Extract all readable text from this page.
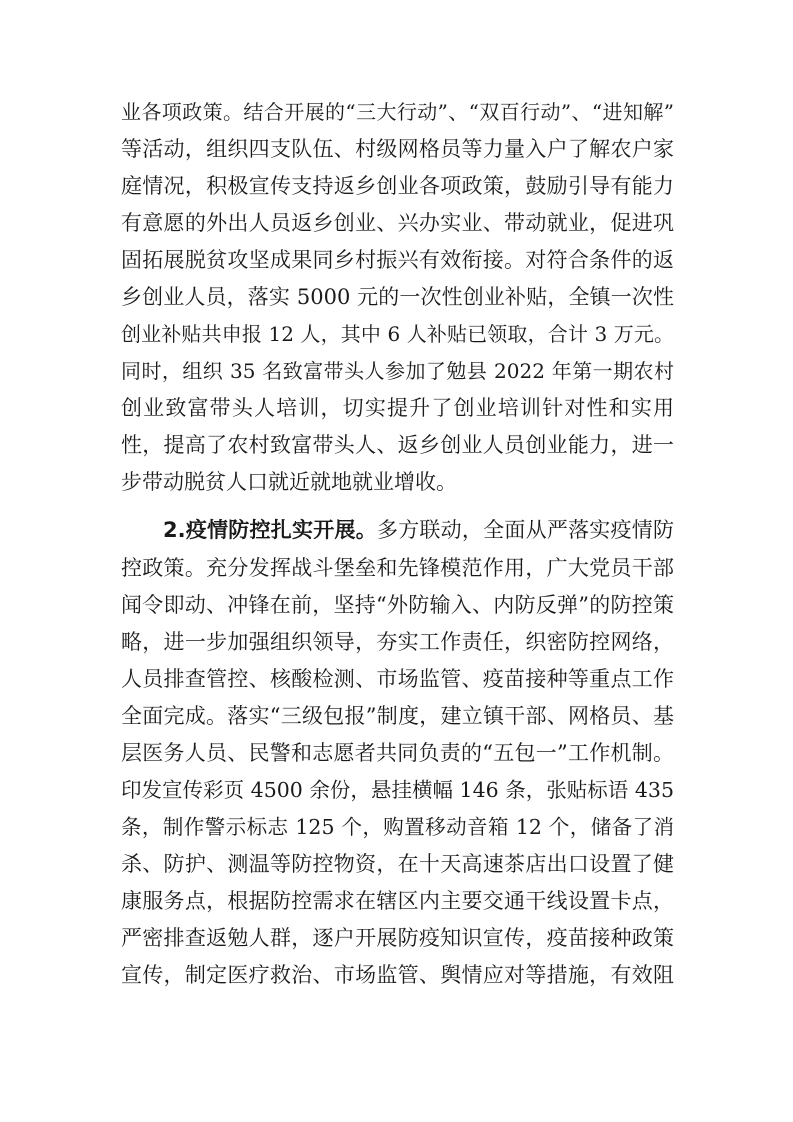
业各项政策。结合开展的“三大行动”、“双百行动”、“进知解”
等活动，组织四支队伍、村级网格员等力量入户了解农户家
庭情况，积极宣传支持返乡创业各项政策，鼓励引导有能力
有意愿的外出人员返乡创业、兴办实业、带动就业，促进巩
固拓展脱贫攻坚成果同乡村振兴有效衔接。对符合条件的返
乡创业人员，落实 5000 元的一次性创业补贴，全镇一次性
创业补贴共申报 12 人，其中 6 人补贴已领取，合计 3 万元。
同时，组织 35 名致富带头人参加了勉县 2022 年第一期农村
创业致富带头人培训，切实提升了创业培训针对性和实用
性，提高了农村致富带头人、返乡创业人员创业能力，进一
步带动脱贫人口就近就地就业增收。
2.疫情防控扎实开展。多方联动，全面从严落实疫情防
控政策。充分发挥战斗堡垒和先锋模范作用，广大党员干部
闻令即动、冲锋在前，坚持“外防输入、内防反弹”的防控策
略，进一步加强组织领导，夯实工作责任，织密防控网络，
人员排查管控、核酸检测、市场监管、疫苗接种等重点工作
全面完成。落实“三级包报”制度，建立镇干部、网格员、基
层医务人员、民警和志愿者共同负责的“五包一”工作机制。
印发宣传彩页 4500 余份，悬挂横幅 146 条，张贴标语 435
条，制作警示标志 125 个，购置移动音箱 12 个，储备了消
杀、防护、测温等防控物资，在十天高速茶店出口设置了健
康服务点，根据防控需求在辖区内主要交通干线设置卡点，
严密排查返勉人群，逐户开展防疫知识宣传，疫苗接种政策
宣传，制定医疗救治、市场监管、舆情应对等措施，有效阻
